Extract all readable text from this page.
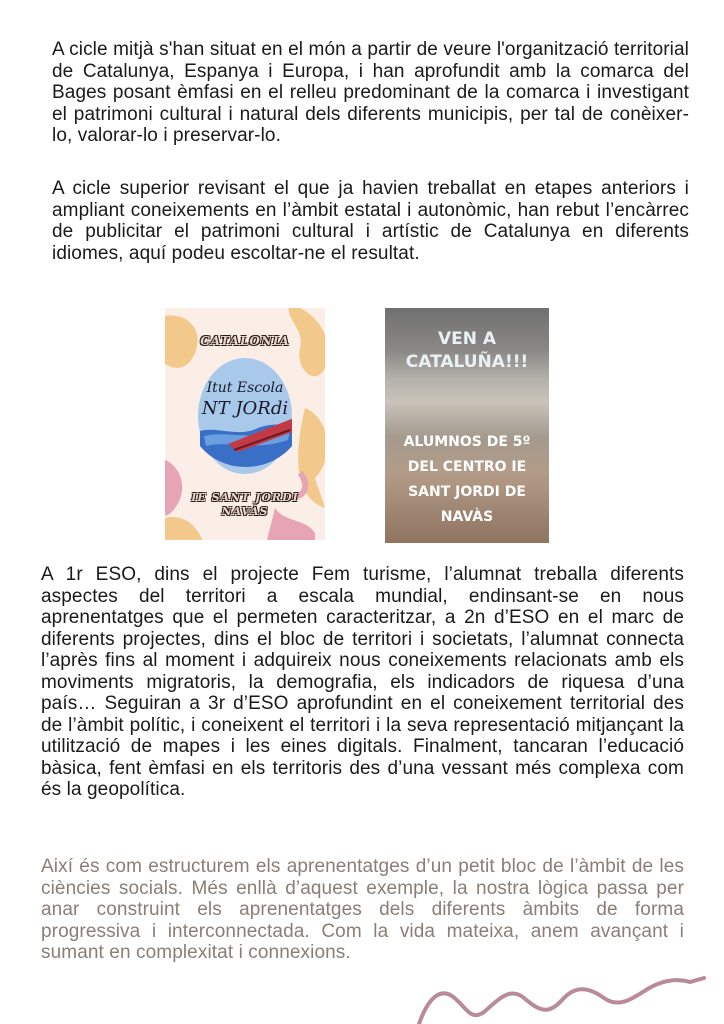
A cicle mitjà s'han situat en el món a partir de veure l'organització territorial de Catalunya, Espanya i Europa, i han aprofundit amb la comarca del Bages posant èmfasi en el relleu predominant de la comarca i investigant el patrimoni cultural i natural dels diferents municipis, per tal de conèixer-lo, valorar-lo i preservar-lo.

A cicle superior revisant el que ja havien treballat en etapes anteriors i ampliant coneixements en l’àmbit estatal i autonòmic, han rebut l’encàrrec de publicitar el patrimoni cultural i artístic de Catalunya en diferents idiomes, aquí podeu escoltar-ne el resultat.

CATALONIA
Itut Escola
NT JORdi
IE SANT JORDI
NAVÀS
VEN A
CATALUÑA!!!
ALUMNOS DE 5º
DEL CENTRO IE
SANT JORDI DE
NAVÀS

A 1r ESO, dins el projecte Fem turisme, l’alumnat treballa diferents aspectes del territori a escala mundial, endinsant-se en nous aprenentatges que el permeten caracteritzar, a 2n d’ESO en el marc de diferents projectes, dins el bloc de territori i societats, l’alumnat connecta l’après fins al moment i adquireix nous coneixements relacionats amb els moviments migratoris, la demografia, els indicadors de riquesa d’una país… Seguiran a 3r d’ESO aprofundint en el coneixement territorial des de l’àmbit polític, i coneixent el territori i la seva representació mitjançant la utilització de mapes i les eines digitals. Finalment, tancaran l’educació bàsica, fent èmfasi en els territoris des d’una vessant més complexa com és la geopolítica.

Així és com estructurem els aprenentatges d’un petit bloc de l’àmbit de les ciències socials. Més enllà d’aquest exemple, la nostra lògica passa per anar construint els aprenentatges dels diferents àmbits de forma progressiva i interconnectada. Com la vida mateixa, anem avançant i sumant en complexitat i connexions.
